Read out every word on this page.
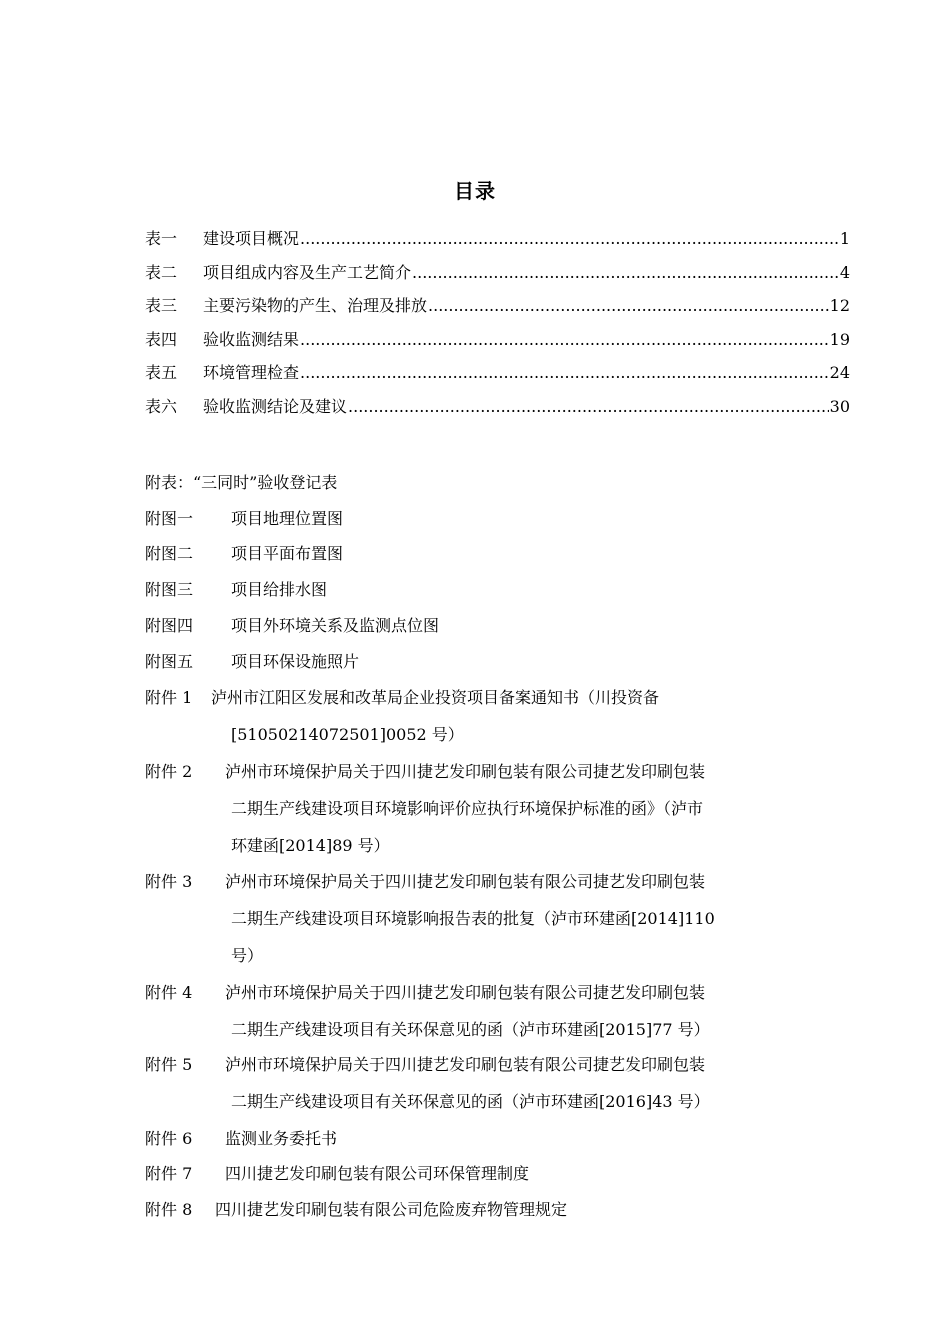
目录
表一	建设项目概况 .....	1
表二	项目组成内容及生产工艺简介 .....	4
表三	主要污染物的产生、治理及排放 .....	12
表四	验收监测结果 .....	19
表五	环境管理检查 .....	24
表六	验收监测结论及建议 .....	30
附表：“三同时”验收登记表
附图一 项目地理位置图
附图二 项目平面布置图
附图三 项目给排水图
附图四 项目外环境关系及监测点位图
附图五 项目环保设施照片
附件 1 泸州市江阳区发展和改革局企业投资项目备案通知书（川投资备
[51050214072501]0052 号）
附件 2 泸州市环境保护局关于四川捷艺发印刷包装有限公司捷艺发印刷包装
二期生产线建设项目环境影响评价应执行环境保护标准的函》（泸市
环建函[2014]89 号）
附件 3 泸州市环境保护局关于四川捷艺发印刷包装有限公司捷艺发印刷包装
二期生产线建设项目环境影响报告表的批复（泸市环建函[2014]110
号）
附件 4 泸州市环境保护局关于四川捷艺发印刷包装有限公司捷艺发印刷包装
二期生产线建设项目有关环保意见的函（泸市环建函[2015]77 号）
附件 5 泸州市环境保护局关于四川捷艺发印刷包装有限公司捷艺发印刷包装
二期生产线建设项目有关环保意见的函（泸市环建函[2016]43 号）
附件 6 监测业务委托书
附件 7 四川捷艺发印刷包装有限公司环保管理制度
附件 8 四川捷艺发印刷包装有限公司危险废弃物管理规定
